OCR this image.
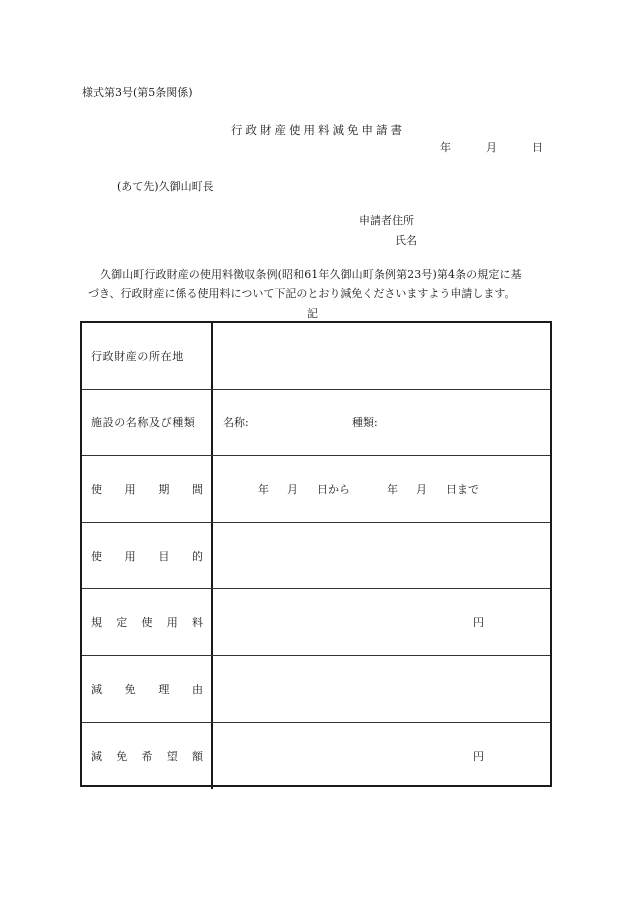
様式第3号(第5条関係)
行政財産使用料減免申請書
年	月	日
(あて先)久御山町長
申請者住所
氏名
久御山町行政財産の使用料徴収条例(昭和61年久御山町条例第23号)第4条の規定に基
づき、行政財産に係る使用料について下記のとおり減免くださいますよう申請します。
記
行政財産の所在地
施設の名称及び種類	名称:	種類:
使 用 期 間	年 月 日から	年 月 日まで
使 用 目 的
規 定 使 用 料	円
減 免 理 由
減 免 希 望 額	円
